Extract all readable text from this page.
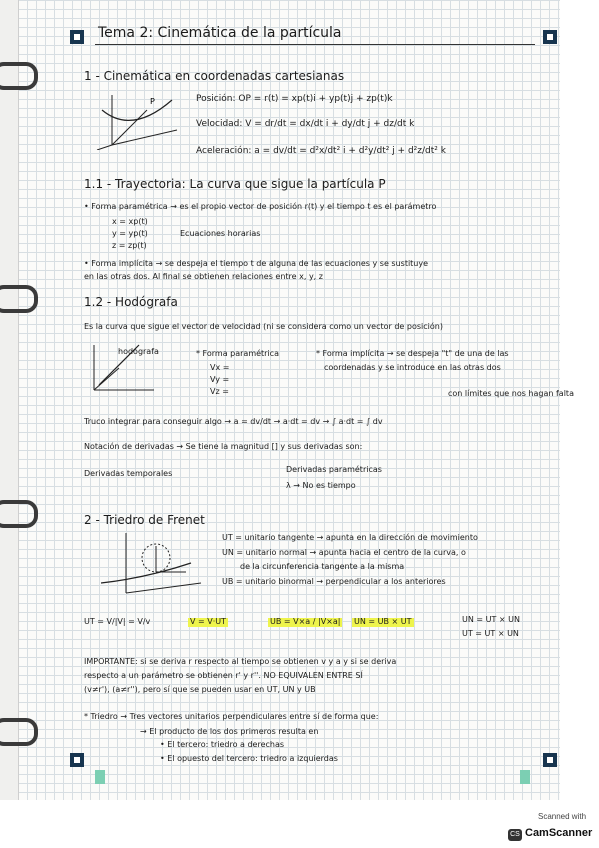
Tema 2: Cinemática de la partícula
1 - Cinemática en coordenadas cartesianas
P	Posición: OP = r(t) = xp(t)i + yp(t)j + zp(t)k
Velocidad: V = dr/dt = dx/dt i + dy/dt j + dz/dt k
Aceleración: a = dv/dt = d²x/dt² i + d²y/dt² j + d²z/dt² k
1.1 - Trayectoria: La curva que sigue la partícula P
• Forma paramétrica → es el propio vector de posición r(t) y el tiempo t es el parámetro
x = xp(t)
y = yp(t)
z = zp(t)
Ecuaciones horarias
• Forma implícita → se despeja el tiempo t de alguna de las ecuaciones y se sustituye
en las otras dos. Al final se obtienen relaciones entre x, y, z
1.2 - Hodógrafa
Es la curva que sigue el vector de velocidad (ni se considera como un vector de posición)
hodógrafa	* Forma paramétrica
Vx =
Vy =
Vz =
* Forma implícita → se despeja "t" de una de las
coordenadas y se introduce en las otras dos
con límites que nos hagan falta
Truco integrar para conseguir algo → a = dv/dt → a·dt = dv → ∫ a·dt = ∫ dv
Notación de derivadas → Se tiene la magnitud [] y sus derivadas son:
Derivadas temporales	Derivadas paramétricas
λ → No es tiempo
2 - Triedro de Frenet
UT = unitario tangente → apunta en la dirección de movimiento
UN = unitario normal → apunta hacia el centro de la curva, o
de la circunferencia tangente a la misma
UB = unitario binormal → perpendicular a los anteriores
UT = V/|V| = V/v	V = V·UT	UB = V×a / |V×a| UN = UB × UT	UN = UT × UN
UT = UT × UN
IMPORTANTE: si se deriva r respecto al tiempo se obtienen v y a y si se deriva
respecto a un parámetro se obtienen r' y r''. NO EQUIVALEN ENTRE SÍ
(v≠r'), (a≠r''), pero sí que se pueden usar en UT, UN y UB
* Triedro → Tres vectores unitarios perpendiculares entre sí de forma que:
→ El producto de los dos primeros resulta en
• El tercero: triedro a derechas
• El opuesto del tercero: triedro a izquierdas
Scanned with
CS CamScanner
